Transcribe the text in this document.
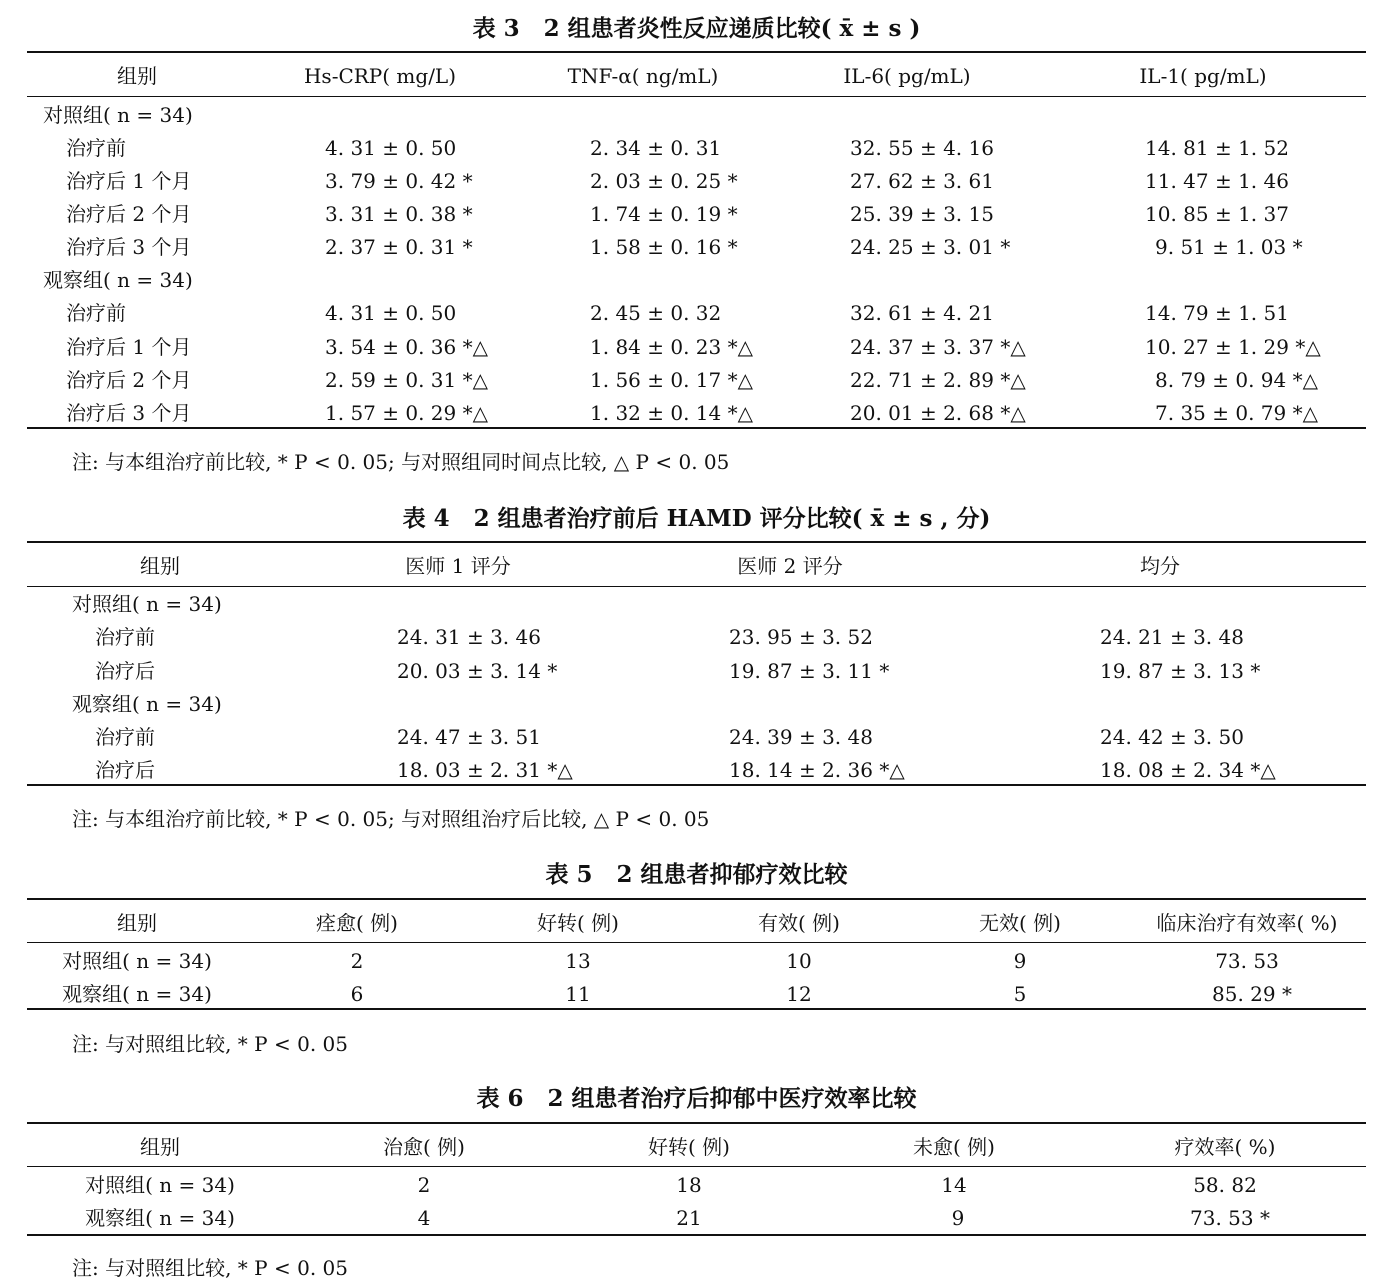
表 3   2 组患者炎性反应递质比较( x̄ ± s )
组别	Hs-CRP( mg/L)	TNF-α( ng/mL)	IL-6( pg/mL)	IL-1( pg/mL)
对照组( n = 34)
治疗前	4. 31 ± 0. 50	2. 34 ± 0. 31	32. 55 ± 4. 16	14. 81 ± 1. 52
治疗后 1 个月	3. 79 ± 0. 42 *	2. 03 ± 0. 25 *	27. 62 ± 3. 61	11. 47 ± 1. 46
治疗后 2 个月	3. 31 ± 0. 38 *	1. 74 ± 0. 19 *	25. 39 ± 3. 15	10. 85 ± 1. 37
治疗后 3 个月	2. 37 ± 0. 31 *	1. 58 ± 0. 16 *	24. 25 ± 3. 01 *	9. 51 ± 1. 03 *
观察组( n = 34)
治疗前	4. 31 ± 0. 50	2. 45 ± 0. 32	32. 61 ± 4. 21	14. 79 ± 1. 51
治疗后 1 个月	3. 54 ± 0. 36 *△	1. 84 ± 0. 23 *△	24. 37 ± 3. 37 *△	10. 27 ± 1. 29 *△
治疗后 2 个月	2. 59 ± 0. 31 *△	1. 56 ± 0. 17 *△	22. 71 ± 2. 89 *△	8. 79 ± 0. 94 *△
治疗后 3 个月	1. 57 ± 0. 29 *△	1. 32 ± 0. 14 *△	20. 01 ± 2. 68 *△	7. 35 ± 0. 79 *△
注: 与本组治疗前比较, * P < 0. 05; 与对照组同时间点比较, △ P < 0. 05
表 4   2 组患者治疗前后 HAMD 评分比较( x̄ ± s , 分)
组别	医师 1 评分	医师 2 评分	均分
对照组( n = 34)
治疗前	24. 31 ± 3. 46	23. 95 ± 3. 52	24. 21 ± 3. 48
治疗后	20. 03 ± 3. 14 *	19. 87 ± 3. 11 *	19. 87 ± 3. 13 *
观察组( n = 34)
治疗前	24. 47 ± 3. 51	24. 39 ± 3. 48	24. 42 ± 3. 50
治疗后	18. 03 ± 2. 31 *△	18. 14 ± 2. 36 *△	18. 08 ± 2. 34 *△
注: 与本组治疗前比较, * P < 0. 05; 与对照组治疗后比较, △ P < 0. 05
表 5   2 组患者抑郁疗效比较
组别	痊愈( 例)	好转( 例)	有效( 例)	无效( 例)	临床治疗有效率( %)
对照组( n = 34)	2	13	10	9	73. 53
观察组( n = 34)	6	11	12	5	85. 29 *
注: 与对照组比较, * P < 0. 05
表 6   2 组患者治疗后抑郁中医疗效率比较
组别	治愈( 例)	好转( 例)	未愈( 例)	疗效率( %)
对照组( n = 34)	2	18	14	58. 82
观察组( n = 34)	4	21	9	73. 53 *
注: 与对照组比较, * P < 0. 05
